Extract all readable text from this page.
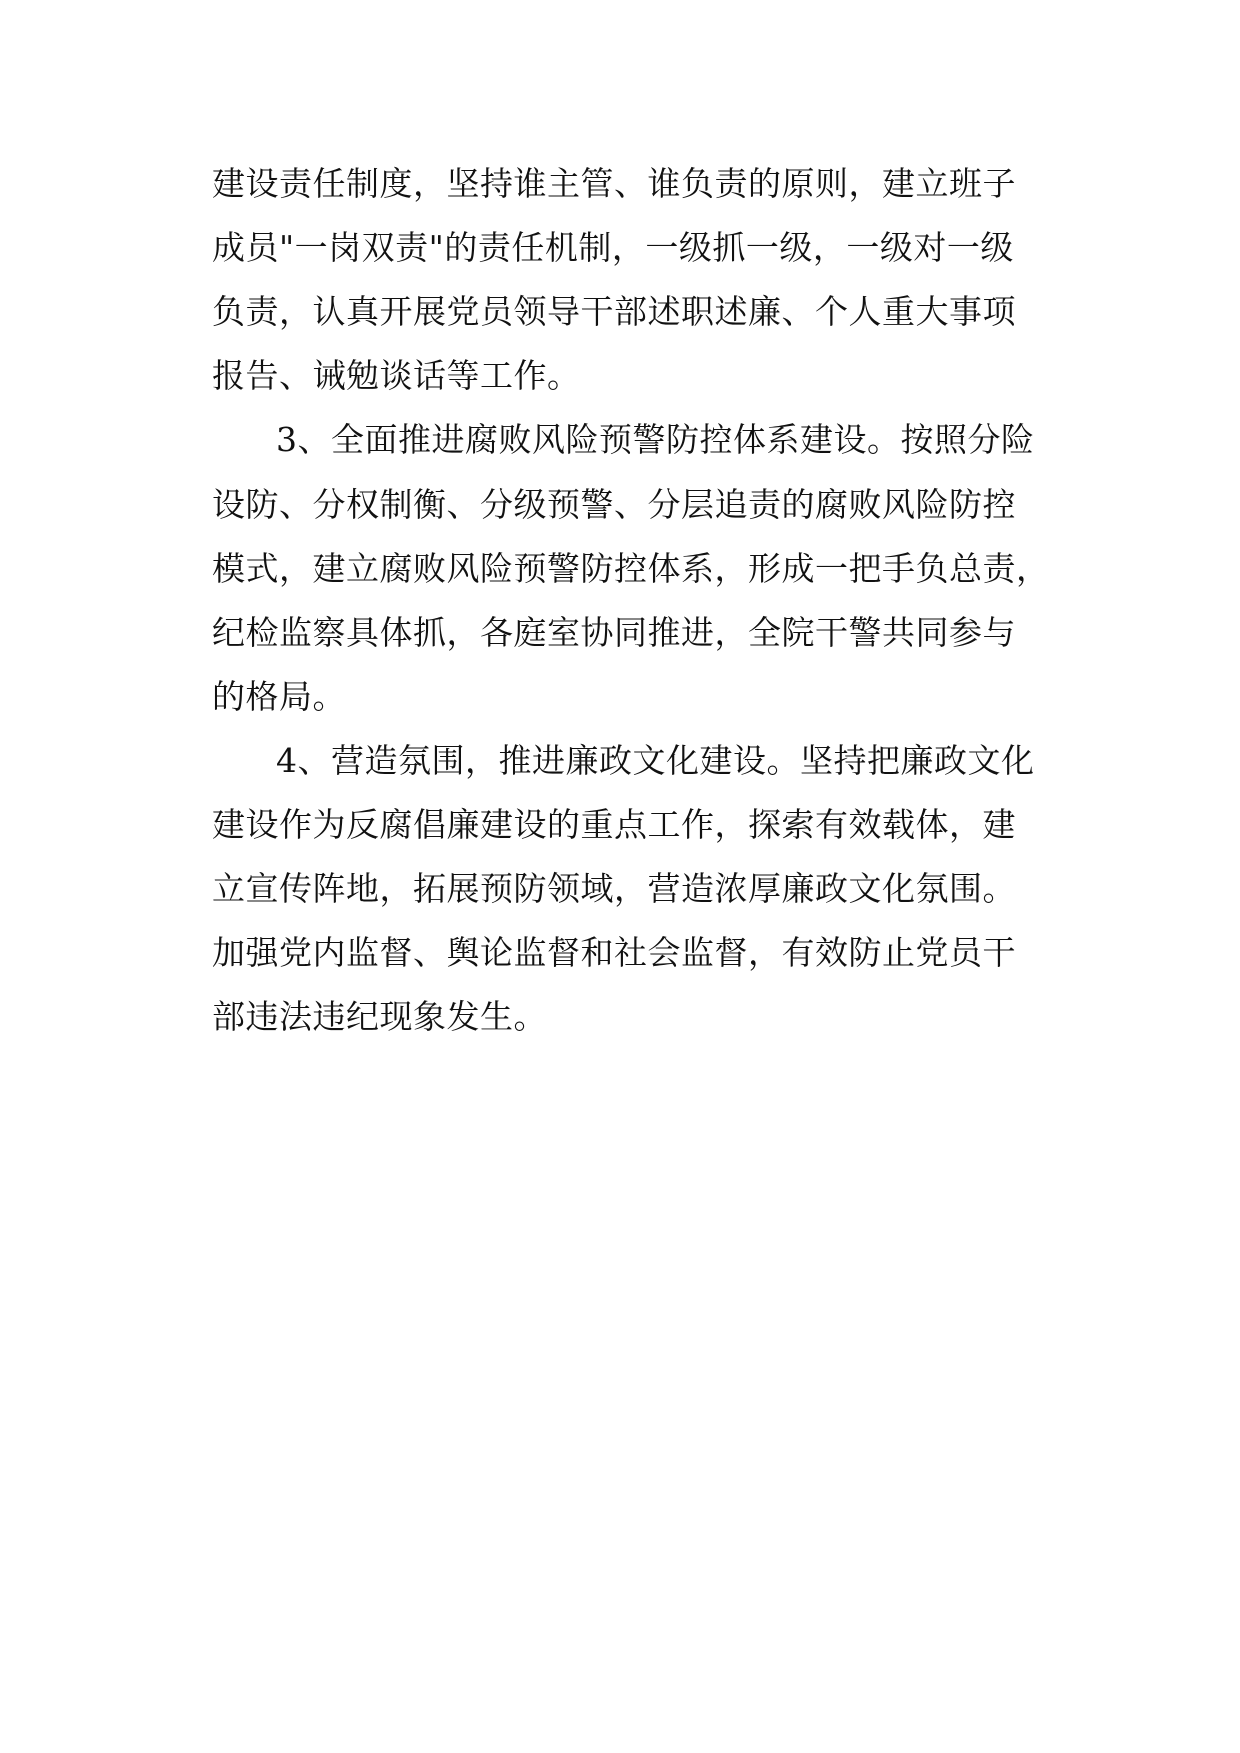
建设责任制度，坚持谁主管、谁负责的原则，建立班子

成员"一岗双责"的责任机制，一级抓一级，一级对一级

负责，认真开展党员领导干部述职述廉、个人重大事项

报告、诫勉谈话等工作。

3、全面推进腐败风险预警防控体系建设。按照分险

设防、分权制衡、分级预警、分层追责的腐败风险防控

模式，建立腐败风险预警防控体系，形成一把手负总责，

纪检监察具体抓，各庭室协同推进，全院干警共同参与

的格局。

4、营造氛围，推进廉政文化建设。坚持把廉政文化

建设作为反腐倡廉建设的重点工作，探索有效载体，建

立宣传阵地，拓展预防领域，营造浓厚廉政文化氛围。

加强党内监督、舆论监督和社会监督，有效防止党员干

部违法违纪现象发生。
